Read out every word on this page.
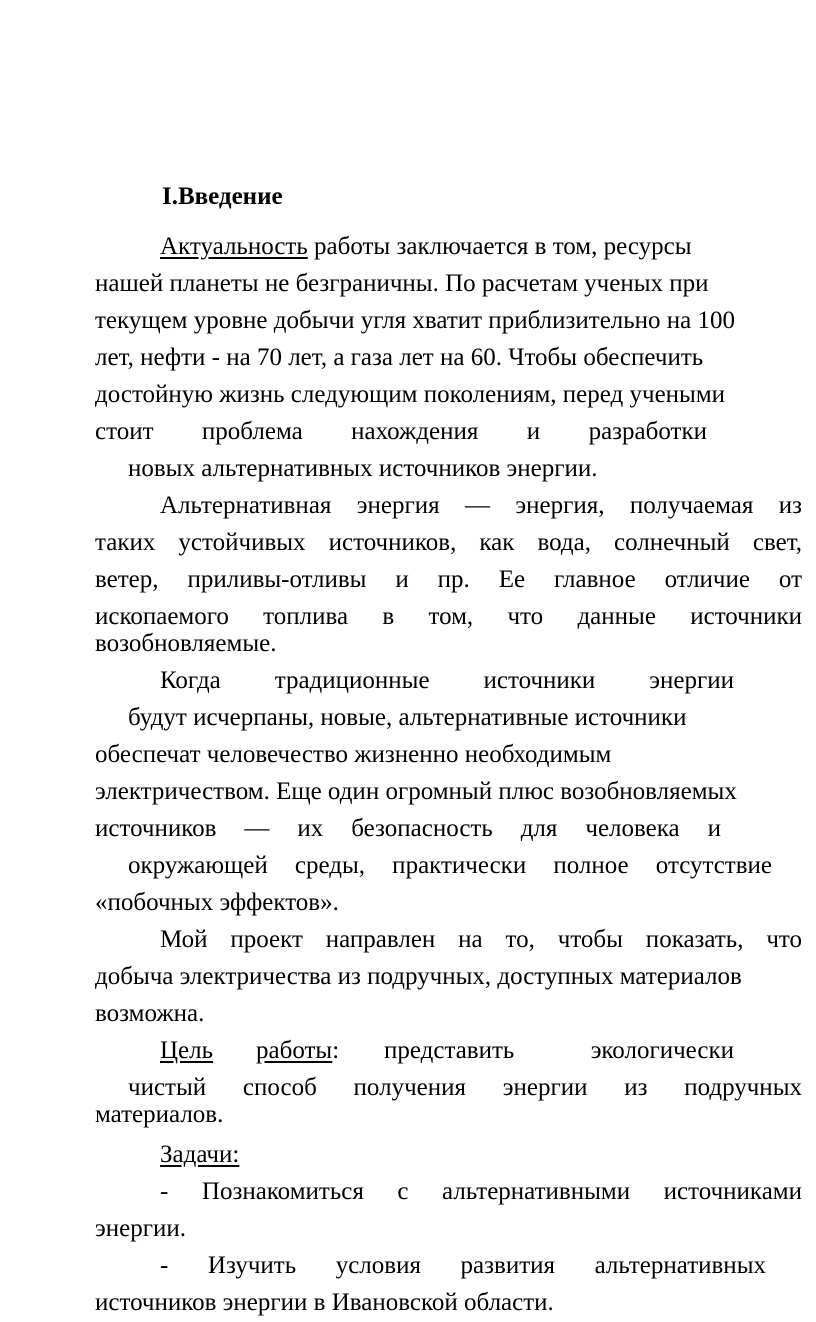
I.Введение
Актуальность работы заключается в том, ресурсы
нашей планеты не безграничны. По расчетам ученых при
текущем уровне добычи угля хватит приблизительно на 100
лет, нефти - на 70 лет, а газа лет на 60. Чтобы обеспечить
достойную жизнь следующим поколениям, перед учеными
стоит проблема нахождения и разработки
новых альтернативных источников энергии.
Альтернативная энергия — энергия, получаемая из
таких устойчивых источников, как вода, солнечный свет,
ветер, приливы-отливы и пр. Ее главное отличие от
ископаемого топлива в том, что данные источники
возобновляемые.
Когда традиционные источники энергии
будут исчерпаны, новые, альтернативные источники
обеспечат человечество жизненно необходимым
электричеством. Еще один огромный плюс возобновляемых
источников — их безопасность для человека и
окружающей среды, практически полное отсутствие
«побочных эффектов».
Мой проект направлен на то, чтобы показать, что
добыча электричества из подручных, доступных материалов
возможна.
Цель работы: представить экологически
чистый способ получения энергии из подручных
материалов.
Задачи:
- Познакомиться с альтернативными источниками
энергии.
- Изучить условия развития альтернативных
источников энергии в Ивановской области.
